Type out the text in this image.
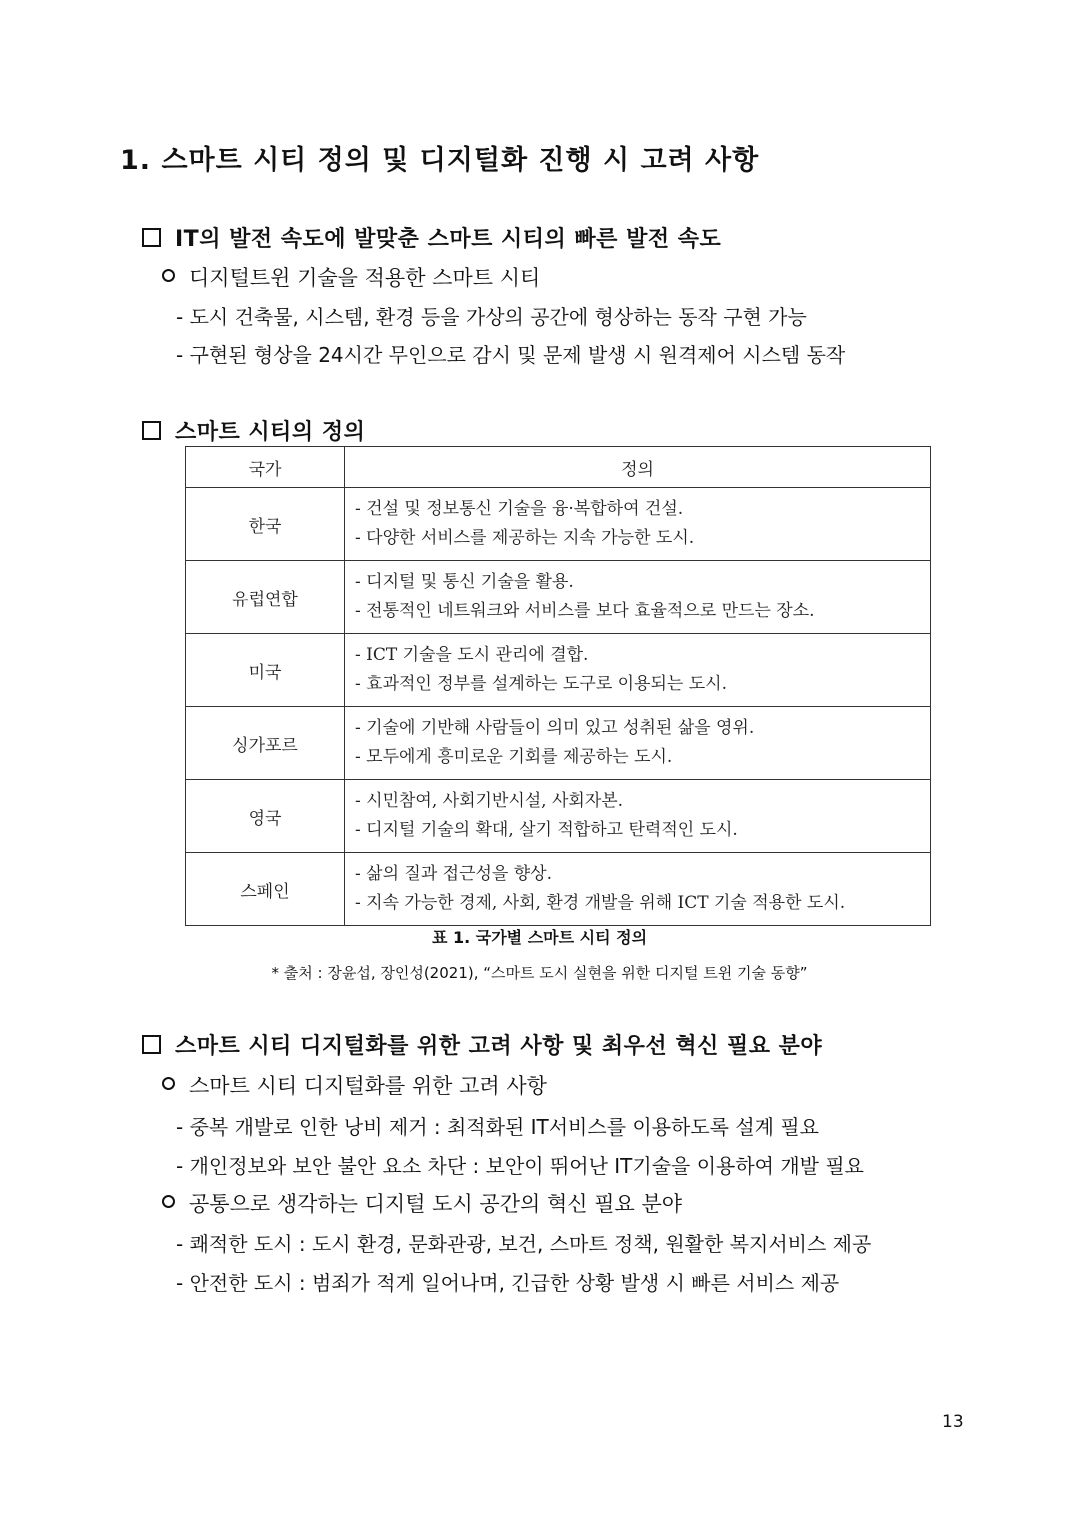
1. 스마트 시티 정의 및 디지털화 진행 시 고려 사항
IT의 발전 속도에 발맞춘 스마트 시티의 빠른 발전 속도
디지털트윈 기술을 적용한 스마트 시티
- 도시 건축물, 시스템, 환경 등을 가상의 공간에 형상하는 동작 구현 가능
- 구현된 형상을 24시간 무인으로 감시 및 문제 발생 시 원격제어 시스템 동작
스마트 시티의 정의
국가	정의
한국	- 건설 및 정보통신 기술을 융·복합하여 건설.
- 다양한 서비스를 제공하는 지속 가능한 도시.

유럽연합	- 디지털 및 통신 기술을 활용.
- 전통적인 네트워크와 서비스를 보다 효율적으로 만드는 장소.

미국	- ICT 기술을 도시 관리에 결합.
- 효과적인 정부를 설계하는 도구로 이용되는 도시.

싱가포르	- 기술에 기반해 사람들이 의미 있고 성취된 삶을 영위.
- 모두에게 흥미로운 기회를 제공하는 도시.

영국	- 시민참여, 사회기반시설, 사회자본.
- 디지털 기술의 확대, 살기 적합하고 탄력적인 도시.

스페인	- 삶의 질과 접근성을 향상.
- 지속 가능한 경제, 사회, 환경 개발을 위해 ICT 기술 적용한 도시.
표 1. 국가별 스마트 시티 정의
* 출처 : 장윤섭, 장인성(2021), “스마트 도시 실현을 위한 디지털 트윈 기술 동향”
스마트 시티 디지털화를 위한 고려 사항 및 최우선 혁신 필요 분야
스마트 시티 디지털화를 위한 고려 사항
- 중복 개발로 인한 낭비 제거 : 최적화된 IT서비스를 이용하도록 설계 필요
- 개인정보와 보안 불안 요소 차단 : 보안이 뛰어난 IT기술을 이용하여 개발 필요
공통으로 생각하는 디지털 도시 공간의 혁신 필요 분야
- 쾌적한 도시 : 도시 환경, 문화관광, 보건, 스마트 정책, 원활한 복지서비스 제공
- 안전한 도시 : 범죄가 적게 일어나며, 긴급한 상황 발생 시 빠른 서비스 제공
13
